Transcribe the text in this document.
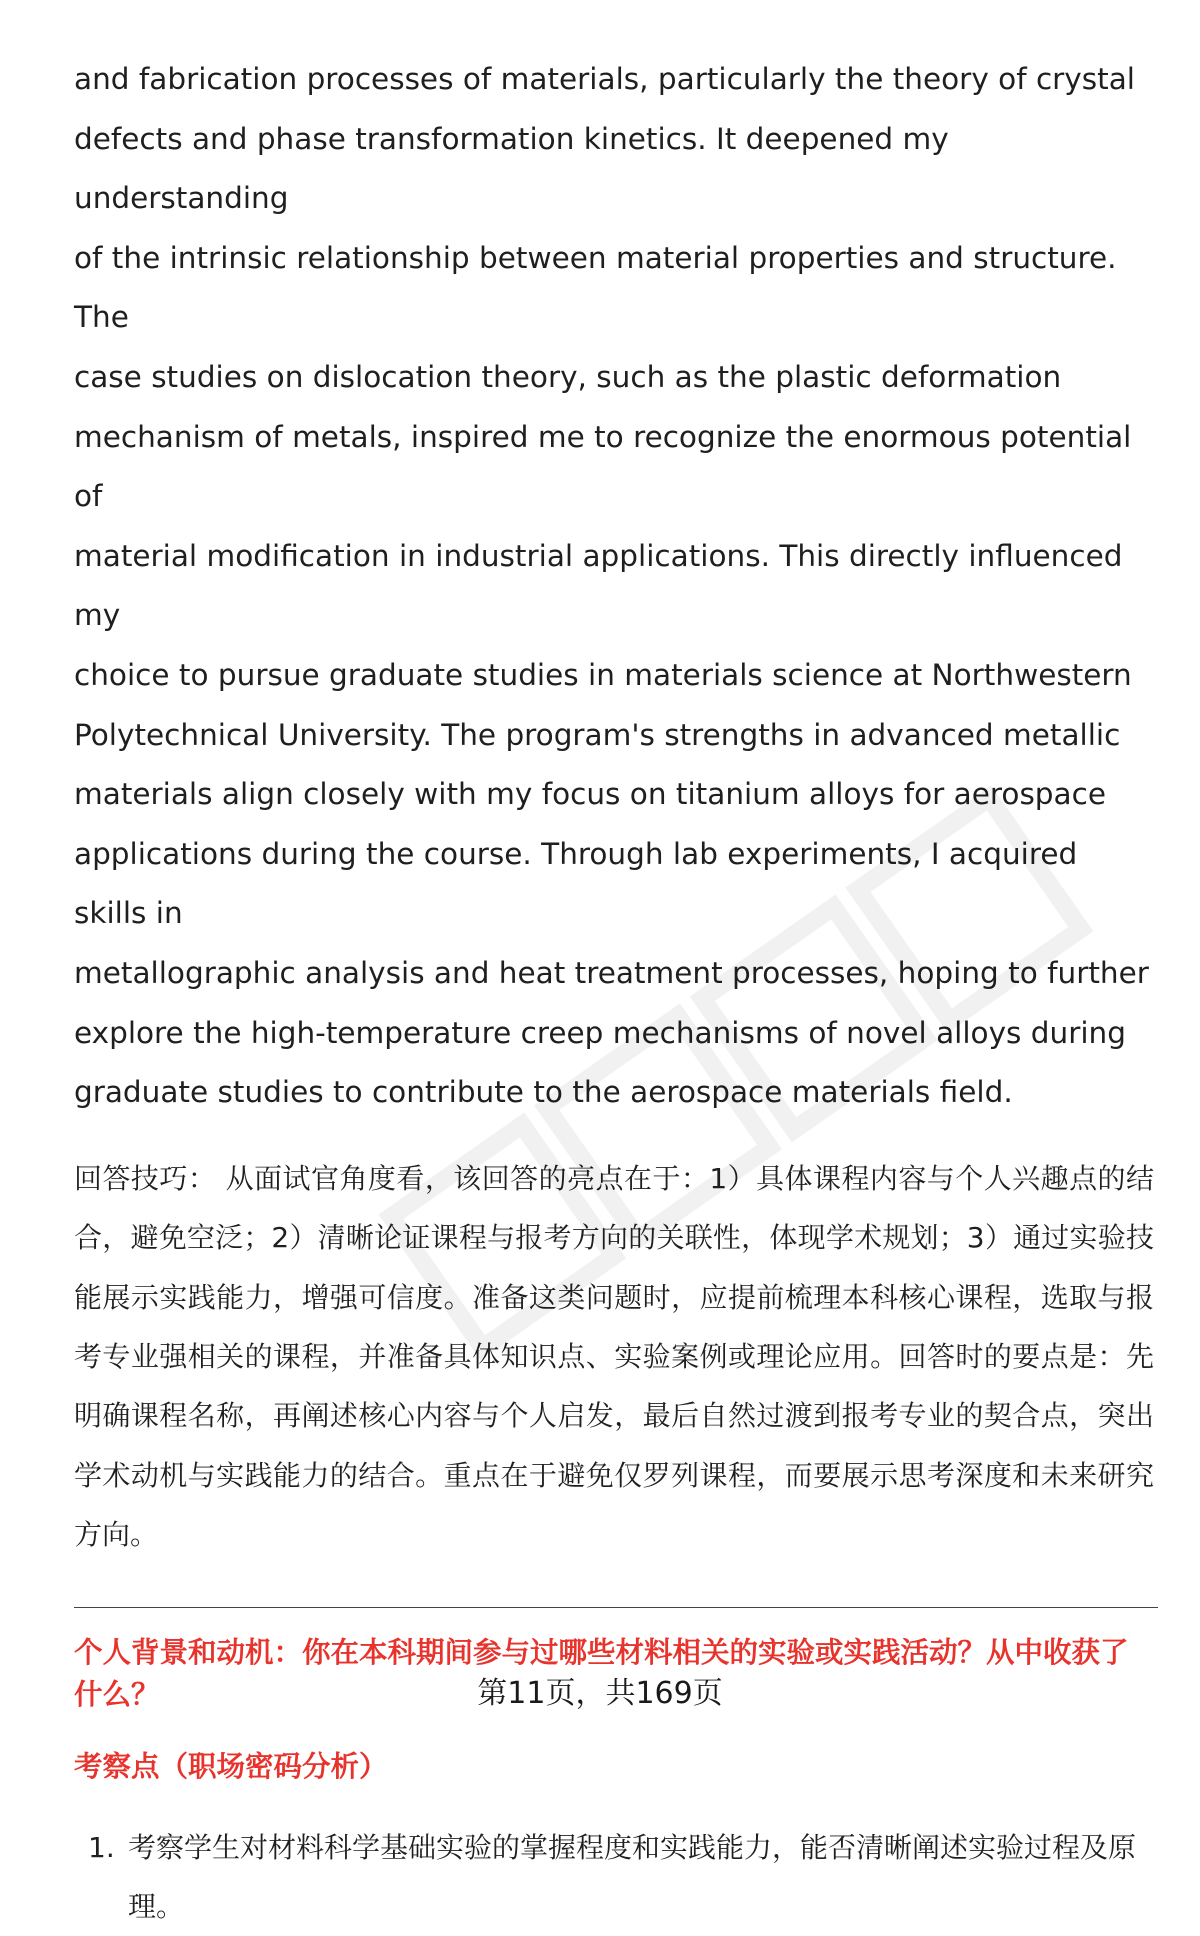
and fabrication processes of materials, particularly the theory of crystal
defects and phase transformation kinetics. It deepened my understanding
of the intrinsic relationship between material properties and structure. The
case studies on dislocation theory, such as the plastic deformation
mechanism of metals, inspired me to recognize the enormous potential of
material modification in industrial applications. This directly influenced my
choice to pursue graduate studies in materials science at Northwestern
Polytechnical University. The program's strengths in advanced metallic
materials align closely with my focus on titanium alloys for aerospace
applications during the course. Through lab experiments, I acquired skills in
metallographic analysis and heat treatment processes, hoping to further
explore the high-temperature creep mechanisms of novel alloys during
graduate studies to contribute to the aerospace materials field.

回答技巧： 从面试官角度看，该回答的亮点在于：1）具体课程内容与个人兴趣点的结合，避免空泛；2）清晰论证课程与报考方向的关联性，体现学术规划；3）通过实验技能展示实践能力，增强可信度。准备这类问题时，应提前梳理本科核心课程，选取与报考专业强相关的课程，并准备具体知识点、实验案例或理论应用。回答时的要点是：先明确课程名称，再阐述核心内容与个人启发，最后自然过渡到报考专业的契合点，突出学术动机与实践能力的结合。重点在于避免仅罗列课程，而要展示思考深度和未来研究方向。

个人背景和动机：你在本科期间参与过哪些材料相关的实验或实践活动？从中收获了什么？
考察点（职场密码分析）
1. 考察学生对材料科学基础实验的掌握程度和实践能力，能否清晰阐述实验过程及原理。
第11页，共169页
